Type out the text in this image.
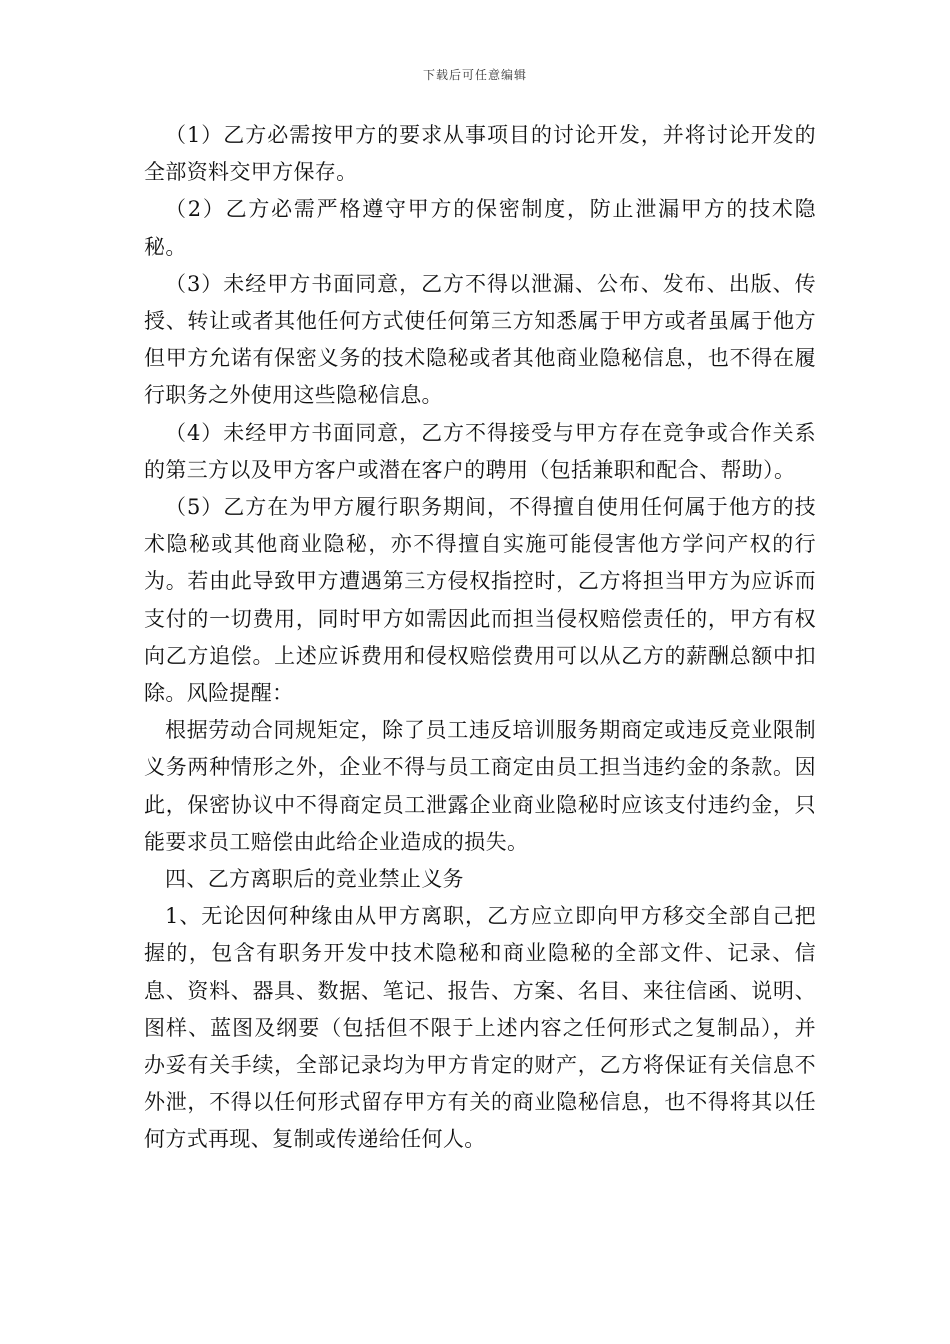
下载后可任意编辑

（1）乙方必需按甲方的要求从事项目的讨论开发，并将讨论开发的全部资料交甲方保存。

（2）乙方必需严格遵守甲方的保密制度，防止泄漏甲方的技术隐秘。

（3）未经甲方书面同意，乙方不得以泄漏、公布、发布、出版、传授、转让或者其他任何方式使任何第三方知悉属于甲方或者虽属于他方但甲方允诺有保密义务的技术隐秘或者其他商业隐秘信息，也不得在履行职务之外使用这些隐秘信息。

（4）未经甲方书面同意，乙方不得接受与甲方存在竞争或合作关系的第三方以及甲方客户或潜在客户的聘用（包括兼职和配合、帮助）。

（5）乙方在为甲方履行职务期间，不得擅自使用任何属于他方的技术隐秘或其他商业隐秘，亦不得擅自实施可能侵害他方学问产权的行为。若由此导致甲方遭遇第三方侵权指控时，乙方将担当甲方为应诉而支付的一切费用，同时甲方如需因此而担当侵权赔偿责任的，甲方有权向乙方追偿。上述应诉费用和侵权赔偿费用可以从乙方的薪酬总额中扣除。风险提醒：

根据劳动合同规矩定，除了员工违反培训服务期商定或违反竞业限制义务两种情形之外，企业不得与员工商定由员工担当违约金的条款。因此，保密协议中不得商定员工泄露企业商业隐秘时应该支付违约金，只能要求员工赔偿由此给企业造成的损失。

四、乙方离职后的竞业禁止义务

1、无论因何种缘由从甲方离职，乙方应立即向甲方移交全部自己把握的，包含有职务开发中技术隐秘和商业隐秘的全部文件、记录、信息、资料、器具、数据、笔记、报告、方案、名目、来往信函、说明、图样、蓝图及纲要（包括但不限于上述内容之任何形式之复制品），并办妥有关手续，全部记录均为甲方肯定的财产，乙方将保证有关信息不外泄，不得以任何形式留存甲方有关的商业隐秘信息，也不得将其以任何方式再现、复制或传递给任何人。
